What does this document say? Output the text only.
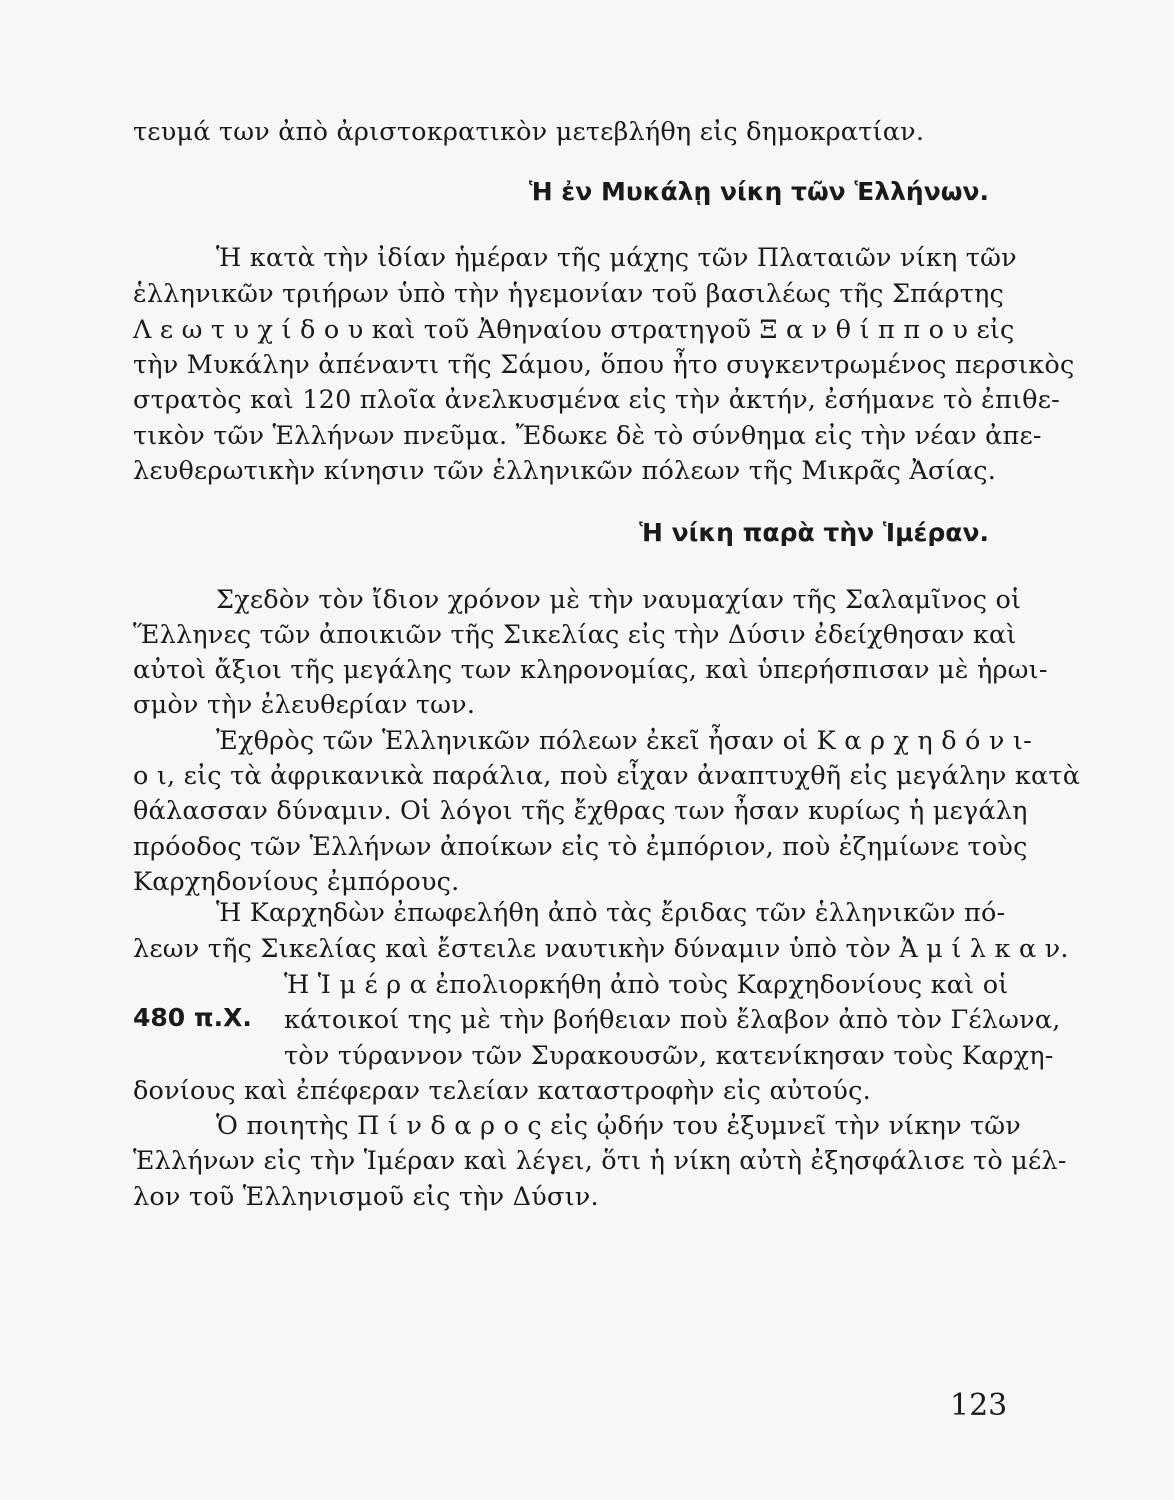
τευμά των ἀπὸ ἀριστοκρατικὸν μετεβλήθη εἰς δημοκρατίαν.
Ἡ ἐν Μυκάλῃ νίκη τῶν Ἑλλήνων.
Ἡ κατὰ τὴν ἰδίαν ἡμέραν τῆς μάχης τῶν Πλαταιῶν νίκη τῶν
ἑλληνικῶν τριήρων ὑπὸ τὴν ἡγεμονίαν τοῦ βασιλέως τῆς Σπάρτης
Λ ε ω τ υ χ ί δ ο υ καὶ τοῦ Ἀθηναίου στρατηγοῦ Ξ α ν θ ί π π ο υ εἰς
τὴν Μυκάλην ἀπέναντι τῆς Σάμου, ὅπου ἦτο συγκεντρωμένος περσικὸς
στρατὸς καὶ 120 πλοῖα ἀνελκυσμένα εἰς τὴν ἀκτήν, ἐσήμανε τὸ ἐπιθε-
τικὸν τῶν Ἑλλήνων πνεῦμα. Ἔδωκε δὲ τὸ σύνθημα εἰς τὴν νέαν ἀπε-
λευθερωτικὴν κίνησιν τῶν ἑλληνικῶν πόλεων τῆς Μικρᾶς Ἀσίας.
Ἡ νίκη παρὰ τὴν Ἱμέραν.
Σχεδὸν τὸν ἴδιον χρόνον μὲ τὴν ναυμαχίαν τῆς Σαλαμῖνος οἱ
Ἕλληνες τῶν ἀποικιῶν τῆς Σικελίας εἰς τὴν Δύσιν ἐδείχθησαν καὶ
αὐτοὶ ἄξιοι τῆς μεγάλης των κληρονομίας, καὶ ὑπερήσπισαν μὲ ἡρωι-
σμὸν τὴν ἐλευθερίαν των.
Ἐχθρὸς τῶν Ἑλληνικῶν πόλεων ἐκεῖ ἦσαν οἱ Κ α ρ χ η δ ό ν ι-
ο ι, εἰς τὰ ἀφρικανικὰ παράλια, ποὺ εἶχαν ἀναπτυχθῆ εἰς μεγάλην κατὰ
θάλασσαν δύναμιν. Οἱ λόγοι τῆς ἔχθρας των ἦσαν κυρίως ἡ μεγάλη
πρόοδος τῶν Ἑλλήνων ἀποίκων εἰς τὸ ἐμπόριον, ποὺ ἐζημίωνε τοὺς
Καρχηδονίους ἐμπόρους.
Ἡ Καρχηδὼν ἐπωφελήθη ἀπὸ τὰς ἔριδας τῶν ἑλληνικῶν πό-
λεων τῆς Σικελίας καὶ ἔστειλε ναυτικὴν δύναμιν ὑπὸ τὸν Ἀ μ ί λ κ α ν.
Ἡ Ἱ μ έ ρ α ἐπολιορκήθη ἀπὸ τοὺς Καρχηδονίους καὶ οἱ
480 π.Χ. κάτοικοί της μὲ τὴν βοήθειαν ποὺ ἔλαβον ἀπὸ τὸν Γέλωνα,
τὸν τύραννον τῶν Συρακουσῶν, κατενίκησαν τοὺς Καρχη-
δονίους καὶ ἐπέφεραν τελείαν καταστροφὴν εἰς αὐτούς.
Ὁ ποιητὴς Π ί ν δ α ρ ο ς εἰς ᾠδήν του ἐξυμνεῖ τὴν νίκην τῶν
Ἑλλήνων εἰς τὴν Ἱμέραν καὶ λέγει, ὅτι ἡ νίκη αὐτὴ ἐξησφάλισε τὸ μέλ-
λον τοῦ Ἑλληνισμοῦ εἰς τὴν Δύσιν.
123
